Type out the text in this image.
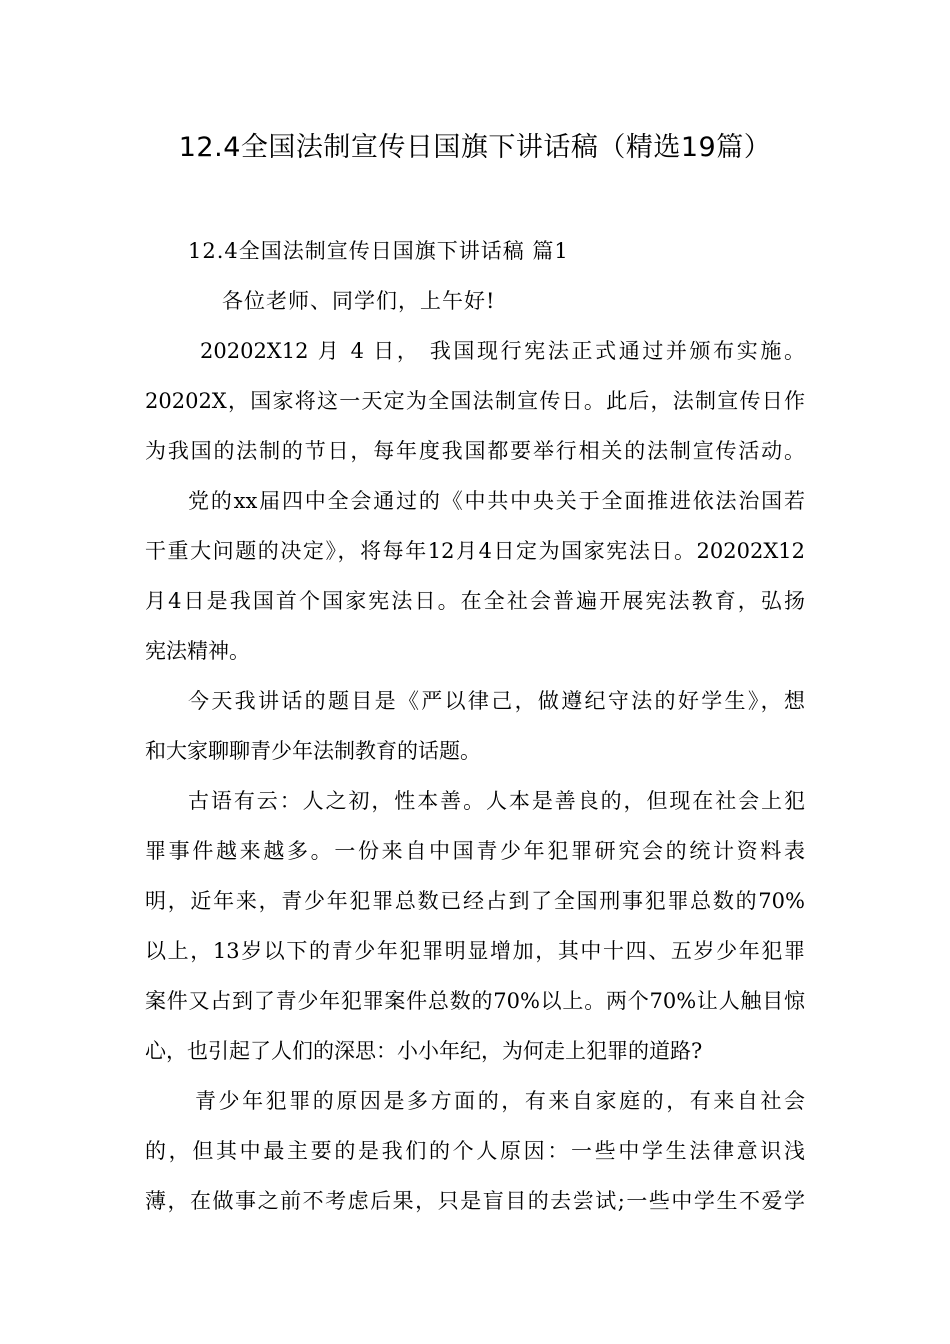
12.4全国法制宣传日国旗下讲话稿（精选19篇）
12.4全国法制宣传日国旗下讲话稿 篇1
各位老师、同学们，上午好!
20202X12 月 4 日， 我国现行宪法正式通过并颁布实施。
20202X，国家将这一天定为全国法制宣传日。此后，法制宣传日作
为我国的法制的节日，每年度我国都要举行相关的法制宣传活动。
党的xx届四中全会通过的《中共中央关于全面推进依法治国若
干重大问题的决定》，将每年12月4日定为国家宪法日。20202X12
月4日是我国首个国家宪法日。在全社会普遍开展宪法教育，弘扬
宪法精神。
今天我讲话的题目是《严以律己，做遵纪守法的好学生》，想
和大家聊聊青少年法制教育的话题。
古语有云：人之初，性本善。人本是善良的，但现在社会上犯
罪事件越来越多。一份来自中国青少年犯罪研究会的统计资料表
明，近年来，青少年犯罪总数已经占到了全国刑事犯罪总数的70%
以上，13岁以下的青少年犯罪明显增加，其中十四、五岁少年犯罪
案件又占到了青少年犯罪案件总数的70%以上。两个70%让人触目惊
心，也引起了人们的深思：小小年纪，为何走上犯罪的道路?
青少年犯罪的原因是多方面的，有来自家庭的，有来自社会
的，但其中最主要的是我们的个人原因：一些中学生法律意识浅
薄，在做事之前不考虑后果，只是盲目的去尝试;一些中学生不爱学
